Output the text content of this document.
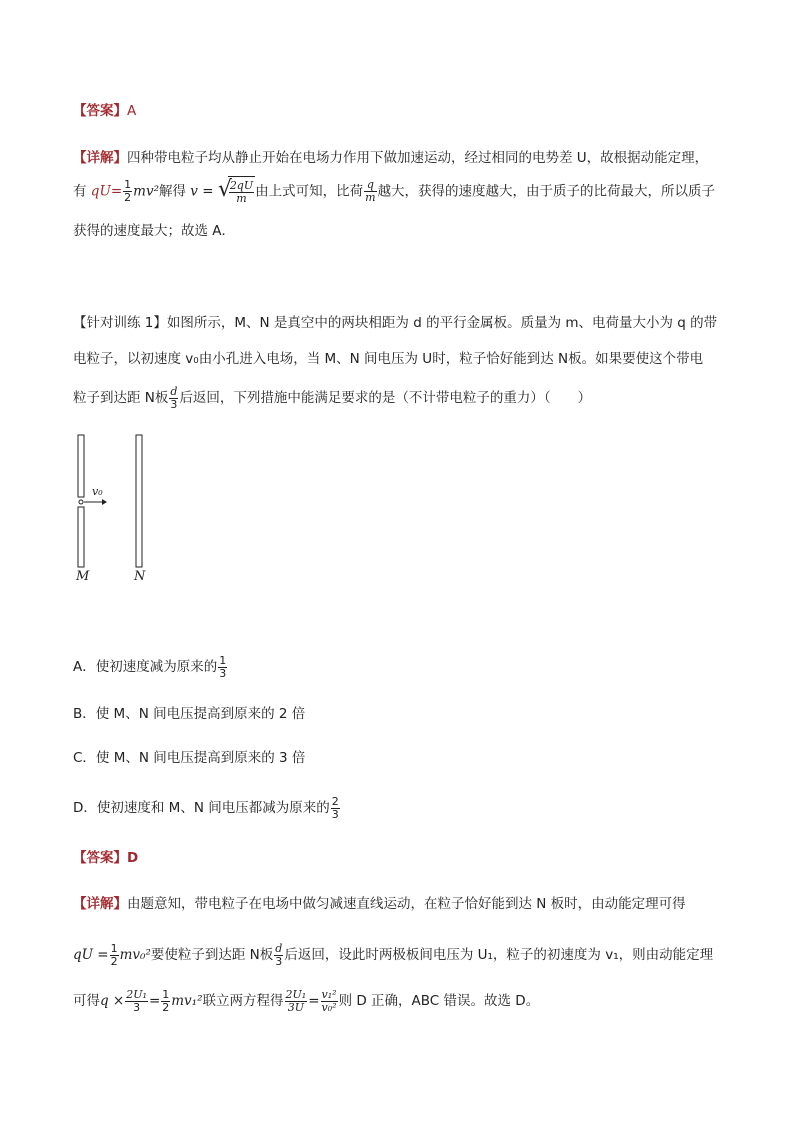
【答案】A
【详解】四种带电粒子均从静止开始在电场力作用下做加速运动，经过相同的电势差 U，故根据动能定理，
有 $qU= \frac{1}{2} mv^2$解得 v = √
$\frac{2qU}{m}$ 由上式可知，比荷 $\frac{q}{m}$ 越大，获得的速度越大，由于质子的比荷最大，所以质子
获得的速度最大；故选 A．
【针对训练 1】如图所示，M、N 是真空中的两块相距为 d 的平行金属板。质量为 m、电荷量大小为 q 的带
电粒子，以初速度 v₀由小孔进入电场，当 M、N 间电压为 U时，粒子恰好能到达 N板。如果要使这个带电
粒子到达距 N板 $\frac{d}{3}$ 后返回，下列措施中能满足要求的是（不计带电粒子的重力）（　　）
v₀
M	N
A．使初速度减为原来的 $\frac{1}{3}$
B．使 M、N 间电压提高到原来的 2 倍
C．使 M、N 间电压提高到原来的 3 倍
D．使初速度和 M、N 间电压都减为原来的 $\frac{2}{3}$
【答案】D
【详解】由题意知，带电粒子在电场中做匀减速直线运动，在粒子恰好能到达 N 板时，由动能定理可得
qU = $\frac{1}{2} mv_0^2$要使粒子到达距 N板 $\frac{d}{3}$ 后返回，设此时两极板间电压为 U₁，粒子的初速度为 v₁，则由动能定理
可得$q \times \frac{\text{2U₁}}{3} = \frac{1}{2} mv_1^2$联立两方程得 $\frac{\text{2U₁}}{3U} = \frac{\text{v₁²}}{\text{v₀²}}$ 则 D 正确，ABC 错误。故选 D。
